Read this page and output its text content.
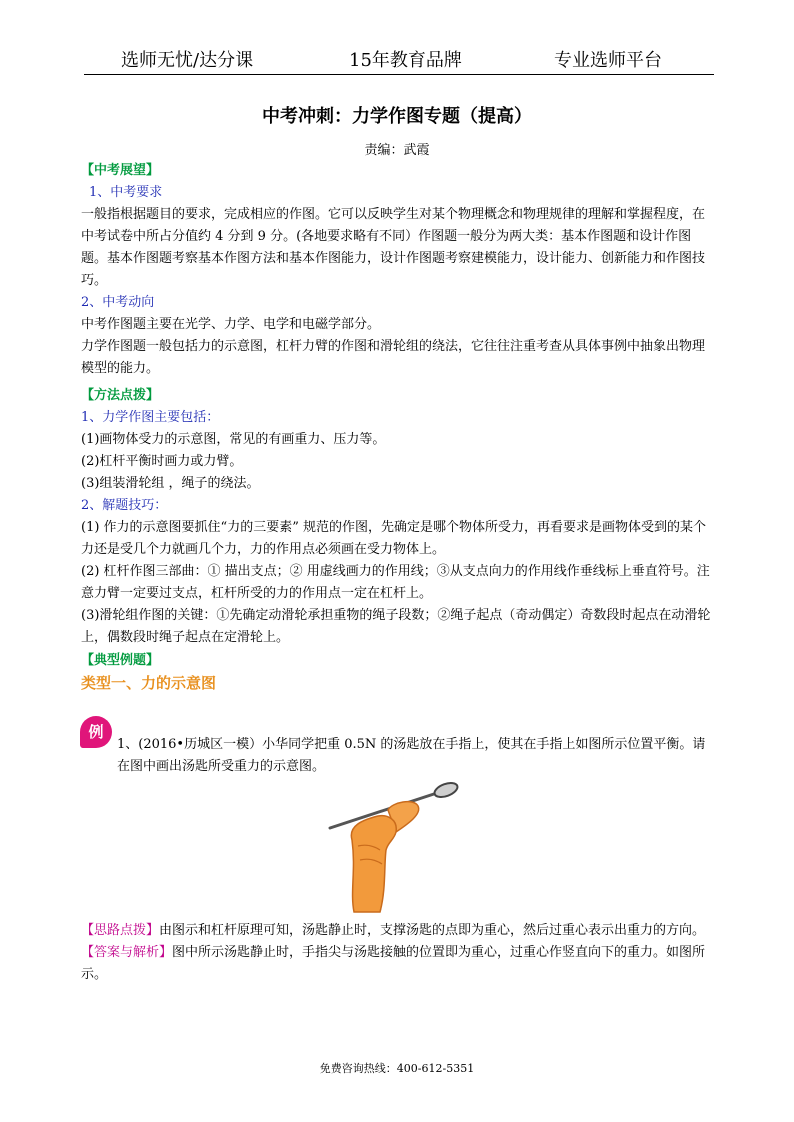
选师无忧/达分课	15年教育品牌	专业选师平台
中考冲刺：力学作图专题（提高）
责编：武霞

【中考展望】

1、中考要求

一般指根据题目的要求，完成相应的作图。它可以反映学生对某个物理概念和物理规律的理解和掌握程度，在中考试卷中所占分值约 4 分到 9 分。(各地要求略有不同）作图题一般分为两大类：基本作图题和设计作图题。基本作图题考察基本作图方法和基本作图能力，设计作图题考察建模能力，设计能力、创新能力和作图技巧。

2、中考动向

中考作图题主要在光学、力学、电学和电磁学部分。

力学作图题一般包括力的示意图，杠杆力臂的作图和滑轮组的绕法，它往往注重考查从具体事例中抽象出物理模型的能力。

【方法点拨】

1、力学作图主要包括：

(1)画物体受力的示意图，常见的有画重力、压力等。

(2)杠杆平衡时画力或力臂。

(3)组装滑轮组 ，绳子的绕法。

2、解题技巧：

(1) 作力的示意图要抓住“力的三要素” 规范的作图，先确定是哪个物体所受力，再看要求是画物体受到的某个力还是受几个力就画几个力，力的作用点必须画在受力物体上。

(2) 杠杆作图三部曲：① 描出支点；② 用虚线画力的作用线；③从支点向力的作用线作垂线标上垂直符号。注意力臂一定要过支点，杠杆所受的力的作用点一定在杠杆上。

(3)滑轮组作图的关键：①先确定动滑轮承担重物的绳子段数；②绳子起点（奇动偶定）奇数段时起点在动滑轮上，偶数段时绳子起点在定滑轮上。

【典型例题】

类型一、力的示意图

例

1、(2016•历城区一模）小华同学把重 0.5N 的汤匙放在手指上，使其在手指上如图所示位置平衡。请在图中画出汤匙所受重力的示意图。

【思路点拨】由图示和杠杆原理可知，汤匙静止时，支撑汤匙的点即为重心，然后过重心表示出重力的方向。

【答案与解析】图中所示汤匙静止时，手指尖与汤匙接触的位置即为重心，过重心作竖直向下的重力。如图所示。

免费咨询热线：400-612-5351
